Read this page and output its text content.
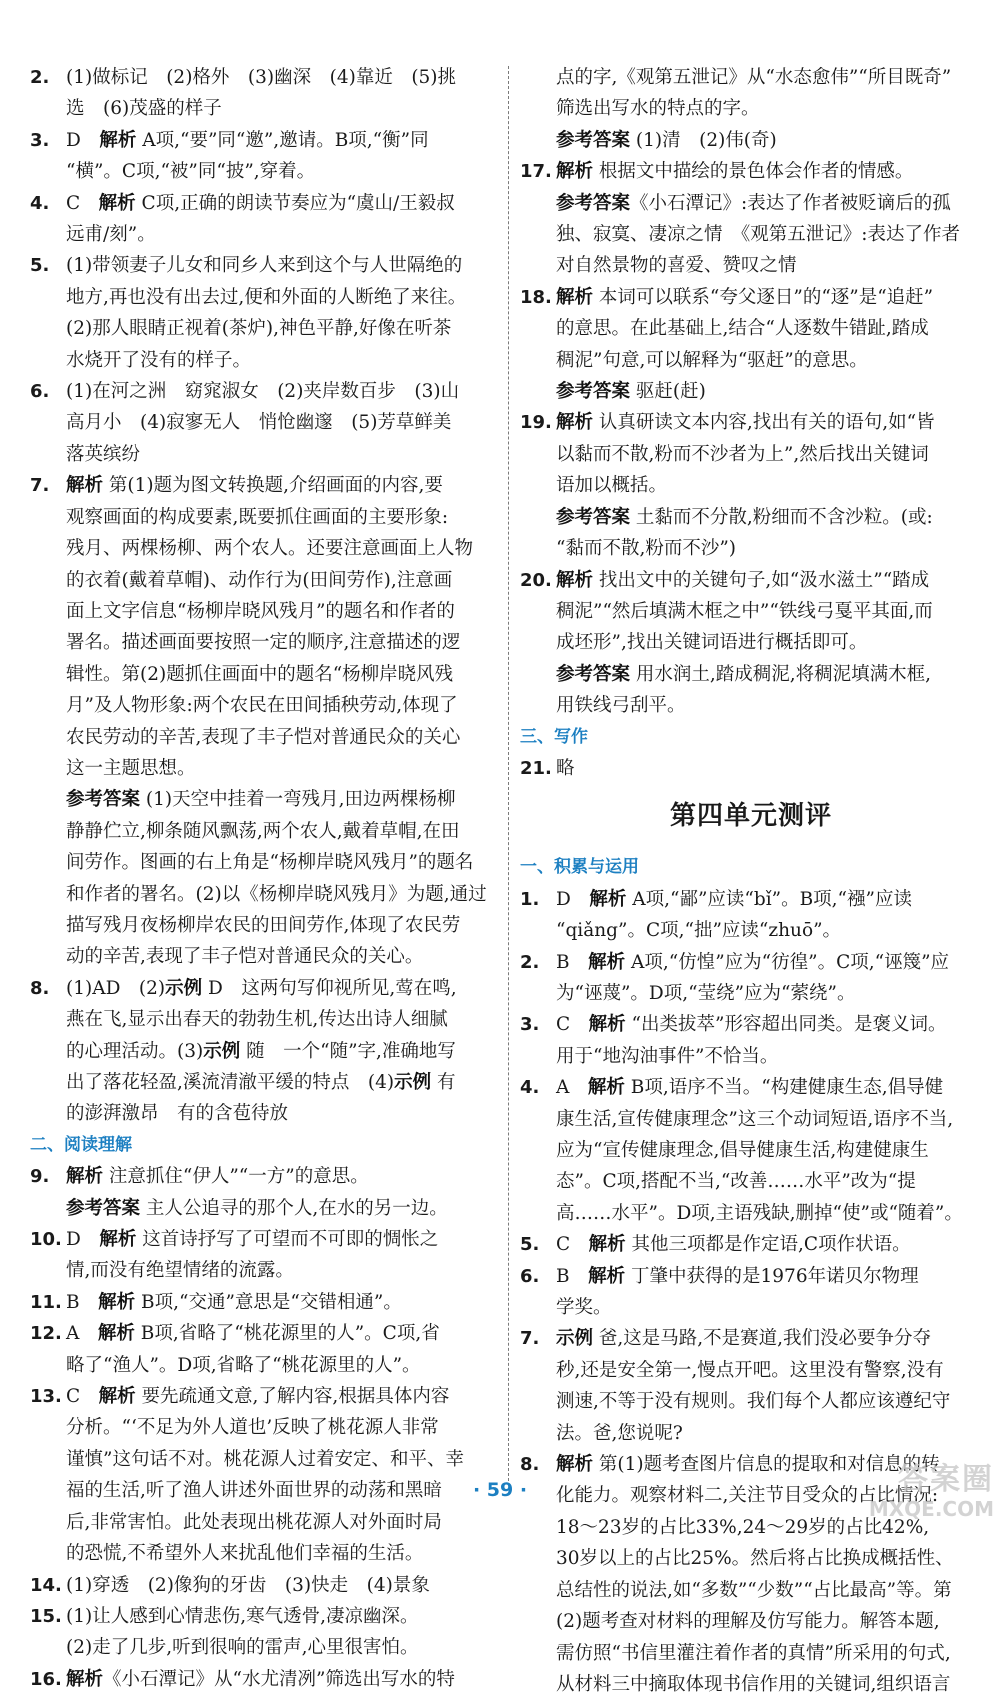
2. (1)做标记　(2)格外　(3)幽深　(4)靠近　(5)挑
选　(6)茂盛的样子
3. D　解析 A项,“要”同“邀”,邀请。B项,“衡”同
“横”。C项,“被”同“披”,穿着。
4. C　解析 C项,正确的朗读节奏应为“虞山/王毅叔
远甫/刻”。
5. (1)带领妻子儿女和同乡人来到这个与人世隔绝的
地方,再也没有出去过,便和外面的人断绝了来往。
(2)那人眼睛正视着(茶炉),神色平静,好像在听茶
水烧开了没有的样子。
6. (1)在河之洲　窈窕淑女　(2)夹岸数百步　(3)山
高月小　(4)寂寥无人　悄怆幽邃　(5)芳草鲜美
落英缤纷
7. 解析 第(1)题为图文转换题,介绍画面的内容,要
观察画面的构成要素,既要抓住画面的主要形象:
残月、两棵杨柳、两个农人。还要注意画面上人物
的衣着(戴着草帽)、动作行为(田间劳作),注意画
面上文字信息“杨柳岸晓风残月”的题名和作者的
署名。描述画面要按照一定的顺序,注意描述的逻
辑性。第(2)题抓住画面中的题名“杨柳岸晓风残
月”及人物形象:两个农民在田间插秧劳动,体现了
农民劳动的辛苦,表现了丰子恺对普通民众的关心
这一主题思想。
参考答案 (1)天空中挂着一弯残月,田边两棵杨柳
静静伫立,柳条随风飘荡,两个农人,戴着草帽,在田
间劳作。图画的右上角是“杨柳岸晓风残月”的题名
和作者的署名。(2)以《杨柳岸晓风残月》为题,通过
描写残月夜杨柳岸农民的田间劳作,体现了农民劳
动的辛苦,表现了丰子恺对普通民众的关心。
8. (1)AD　(2)示例 D　这两句写仰视所见,莺在鸣,
燕在飞,显示出春天的勃勃生机,传达出诗人细腻
的心理活动。(3)示例 随　一个“随”字,准确地写
出了落花轻盈,溪流清澈平缓的特点　(4)示例 有
的澎湃激昂　有的含苞待放
二、阅读理解
9. 解析 注意抓住“伊人”“一方”的意思。
参考答案 主人公追寻的那个人,在水的另一边。
10. D　解析 这首诗抒写了可望而不可即的惆怅之
情,而没有绝望情绪的流露。
11. B　解析 B项,“交通”意思是“交错相通”。
12. A　解析 B项,省略了“桃花源里的人”。C项,省
略了“渔人”。D项,省略了“桃花源里的人”。
13. C　解析 要先疏通文意,了解内容,根据具体内容
分析。“‘不足为外人道也’反映了桃花源人非常
谨慎”这句话不对。桃花源人过着安定、和平、幸
福的生活,听了渔人讲述外面世界的动荡和黑暗
后,非常害怕。此处表现出桃花源人对外面时局
的恐慌,不希望外人来扰乱他们幸福的生活。
14. (1)穿透　(2)像狗的牙齿　(3)快走　(4)景象
15. (1)让人感到心情悲伤,寒气透骨,凄凉幽深。
(2)走了几步,听到很响的雷声,心里很害怕。
16. 解析《小石潭记》从“水尤清冽”筛选出写水的特
点的字,《观第五泄记》从“水态愈伟”“所目既奇”
筛选出写水的特点的字。
参考答案 (1)清　(2)伟(奇)
17. 解析 根据文中描绘的景色体会作者的情感。
参考答案《小石潭记》:表达了作者被贬谪后的孤
独、寂寞、凄凉之情　《观第五泄记》:表达了作者
对自然景物的喜爱、赞叹之情
18. 解析 本词可以联系“夸父逐日”的“逐”是“追赶”
的意思。在此基础上,结合“人逐数牛错趾,踏成
稠泥”句意,可以解释为“驱赶”的意思。
参考答案 驱赶(赶)
19. 解析 认真研读文本内容,找出有关的语句,如“皆
以黏而不散,粉而不沙者为上”,然后找出关键词
语加以概括。
参考答案 土黏而不分散,粉细而不含沙粒。(或:
“黏而不散,粉而不沙”)
20. 解析 找出文中的关键句子,如“汲水滋土”“踏成
稠泥”“然后填满木框之中”“铁线弓戛平其面,而
成坯形”,找出关键词语进行概括即可。
参考答案 用水润土,踏成稠泥,将稠泥填满木框,
用铁线弓刮平。
三、写作
21. 略
第四单元测评
一、积累与运用
1. D　解析 A项,“鄙”应读“bǐ”。B项,“襁”应读
“qiǎng”。C项,“拙”应读“zhuō”。
2. B　解析 A项,“仿惶”应为“彷徨”。C项,“诬篾”应
为“诬蔑”。D项,“莹绕”应为“萦绕”。
3. C　解析 “出类拔萃”形容超出同类。是褒义词。
用于“地沟油事件”不恰当。
4. A　解析 B项,语序不当。“构建健康生态,倡导健
康生活,宣传健康理念”这三个动词短语,语序不当,
应为“宣传健康理念,倡导健康生活,构建健康生
态”。C项,搭配不当,“改善……水平”改为“提
高……水平”。D项,主语残缺,删掉“使”或“随着”。
5. C　解析 其他三项都是作定语,C项作状语。
6. B　解析 丁肇中获得的是1976年诺贝尔物理
学奖。
7. 示例 爸,这是马路,不是赛道,我们没必要争分夺
秒,还是安全第一,慢点开吧。这里没有警察,没有
测速,不等于没有规则。我们每个人都应该遵纪守
法。爸,您说呢?
8. 解析 第(1)题考查图片信息的提取和对信息的转
化能力。观察材料二,关注节目受众的占比情况:
18～23岁的占比33%,24～29岁的占比42%,
30岁以上的占比25%。然后将占比换成概括性、
总结性的说法,如“多数”“少数”“占比最高”等。第
(2)题考查对材料的理解及仿写能力。解答本题,
需仿照“书信里灌注着作者的真情”所采用的句式,
从材料三中摘取体现书信作用的关键词,组织语言
· 59 ·	答案圈
MXQE.COM
